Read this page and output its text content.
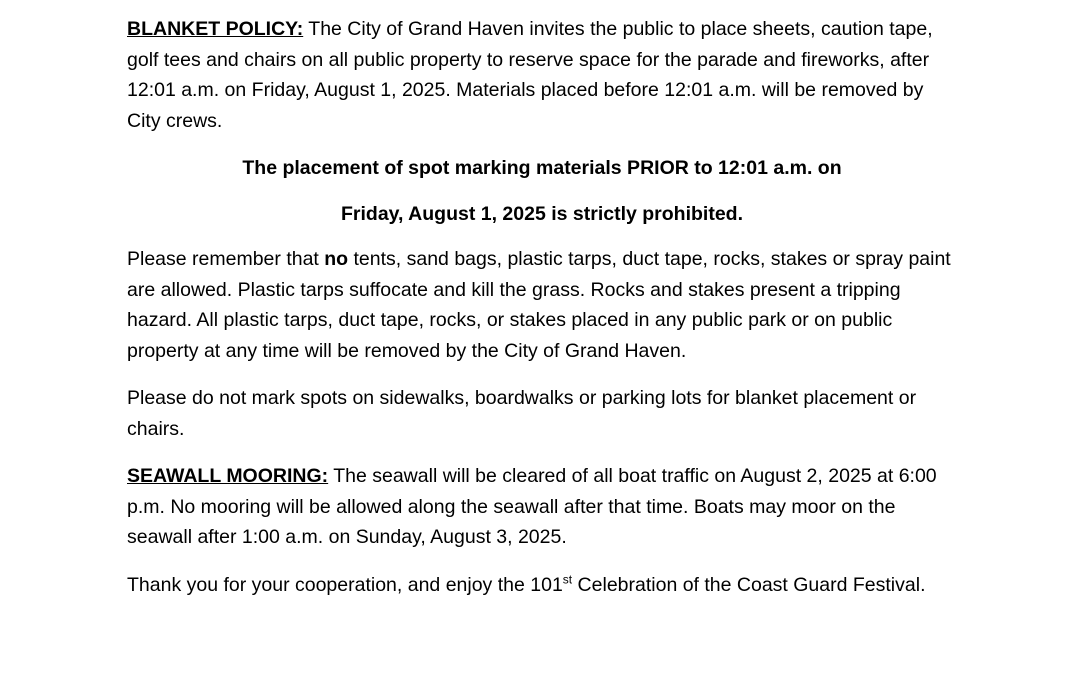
BLANKET POLICY: The City of Grand Haven invites the public to place sheets, caution tape, golf tees and chairs on all public property to reserve space for the parade and fireworks, after 12:01 a.m. on Friday, August 1, 2025. Materials placed before 12:01 a.m. will be removed by City crews.

The placement of spot marking materials PRIOR to 12:01 a.m. on

Friday, August 1, 2025 is strictly prohibited.

Please remember that no tents, sand bags, plastic tarps, duct tape, rocks, stakes or spray paint are allowed. Plastic tarps suffocate and kill the grass. Rocks and stakes present a tripping hazard. All plastic tarps, duct tape, rocks, or stakes placed in any public park or on public property at any time will be removed by the City of Grand Haven.

Please do not mark spots on sidewalks, boardwalks or parking lots for blanket placement or chairs.

SEAWALL MOORING: The seawall will be cleared of all boat traffic on August 2, 2025 at 6:00 p.m. No mooring will be allowed along the seawall after that time. Boats may moor on the seawall after 1:00 a.m. on Sunday, August 3, 2025.

Thank you for your cooperation, and enjoy the 101st Celebration of the Coast Guard Festival.
